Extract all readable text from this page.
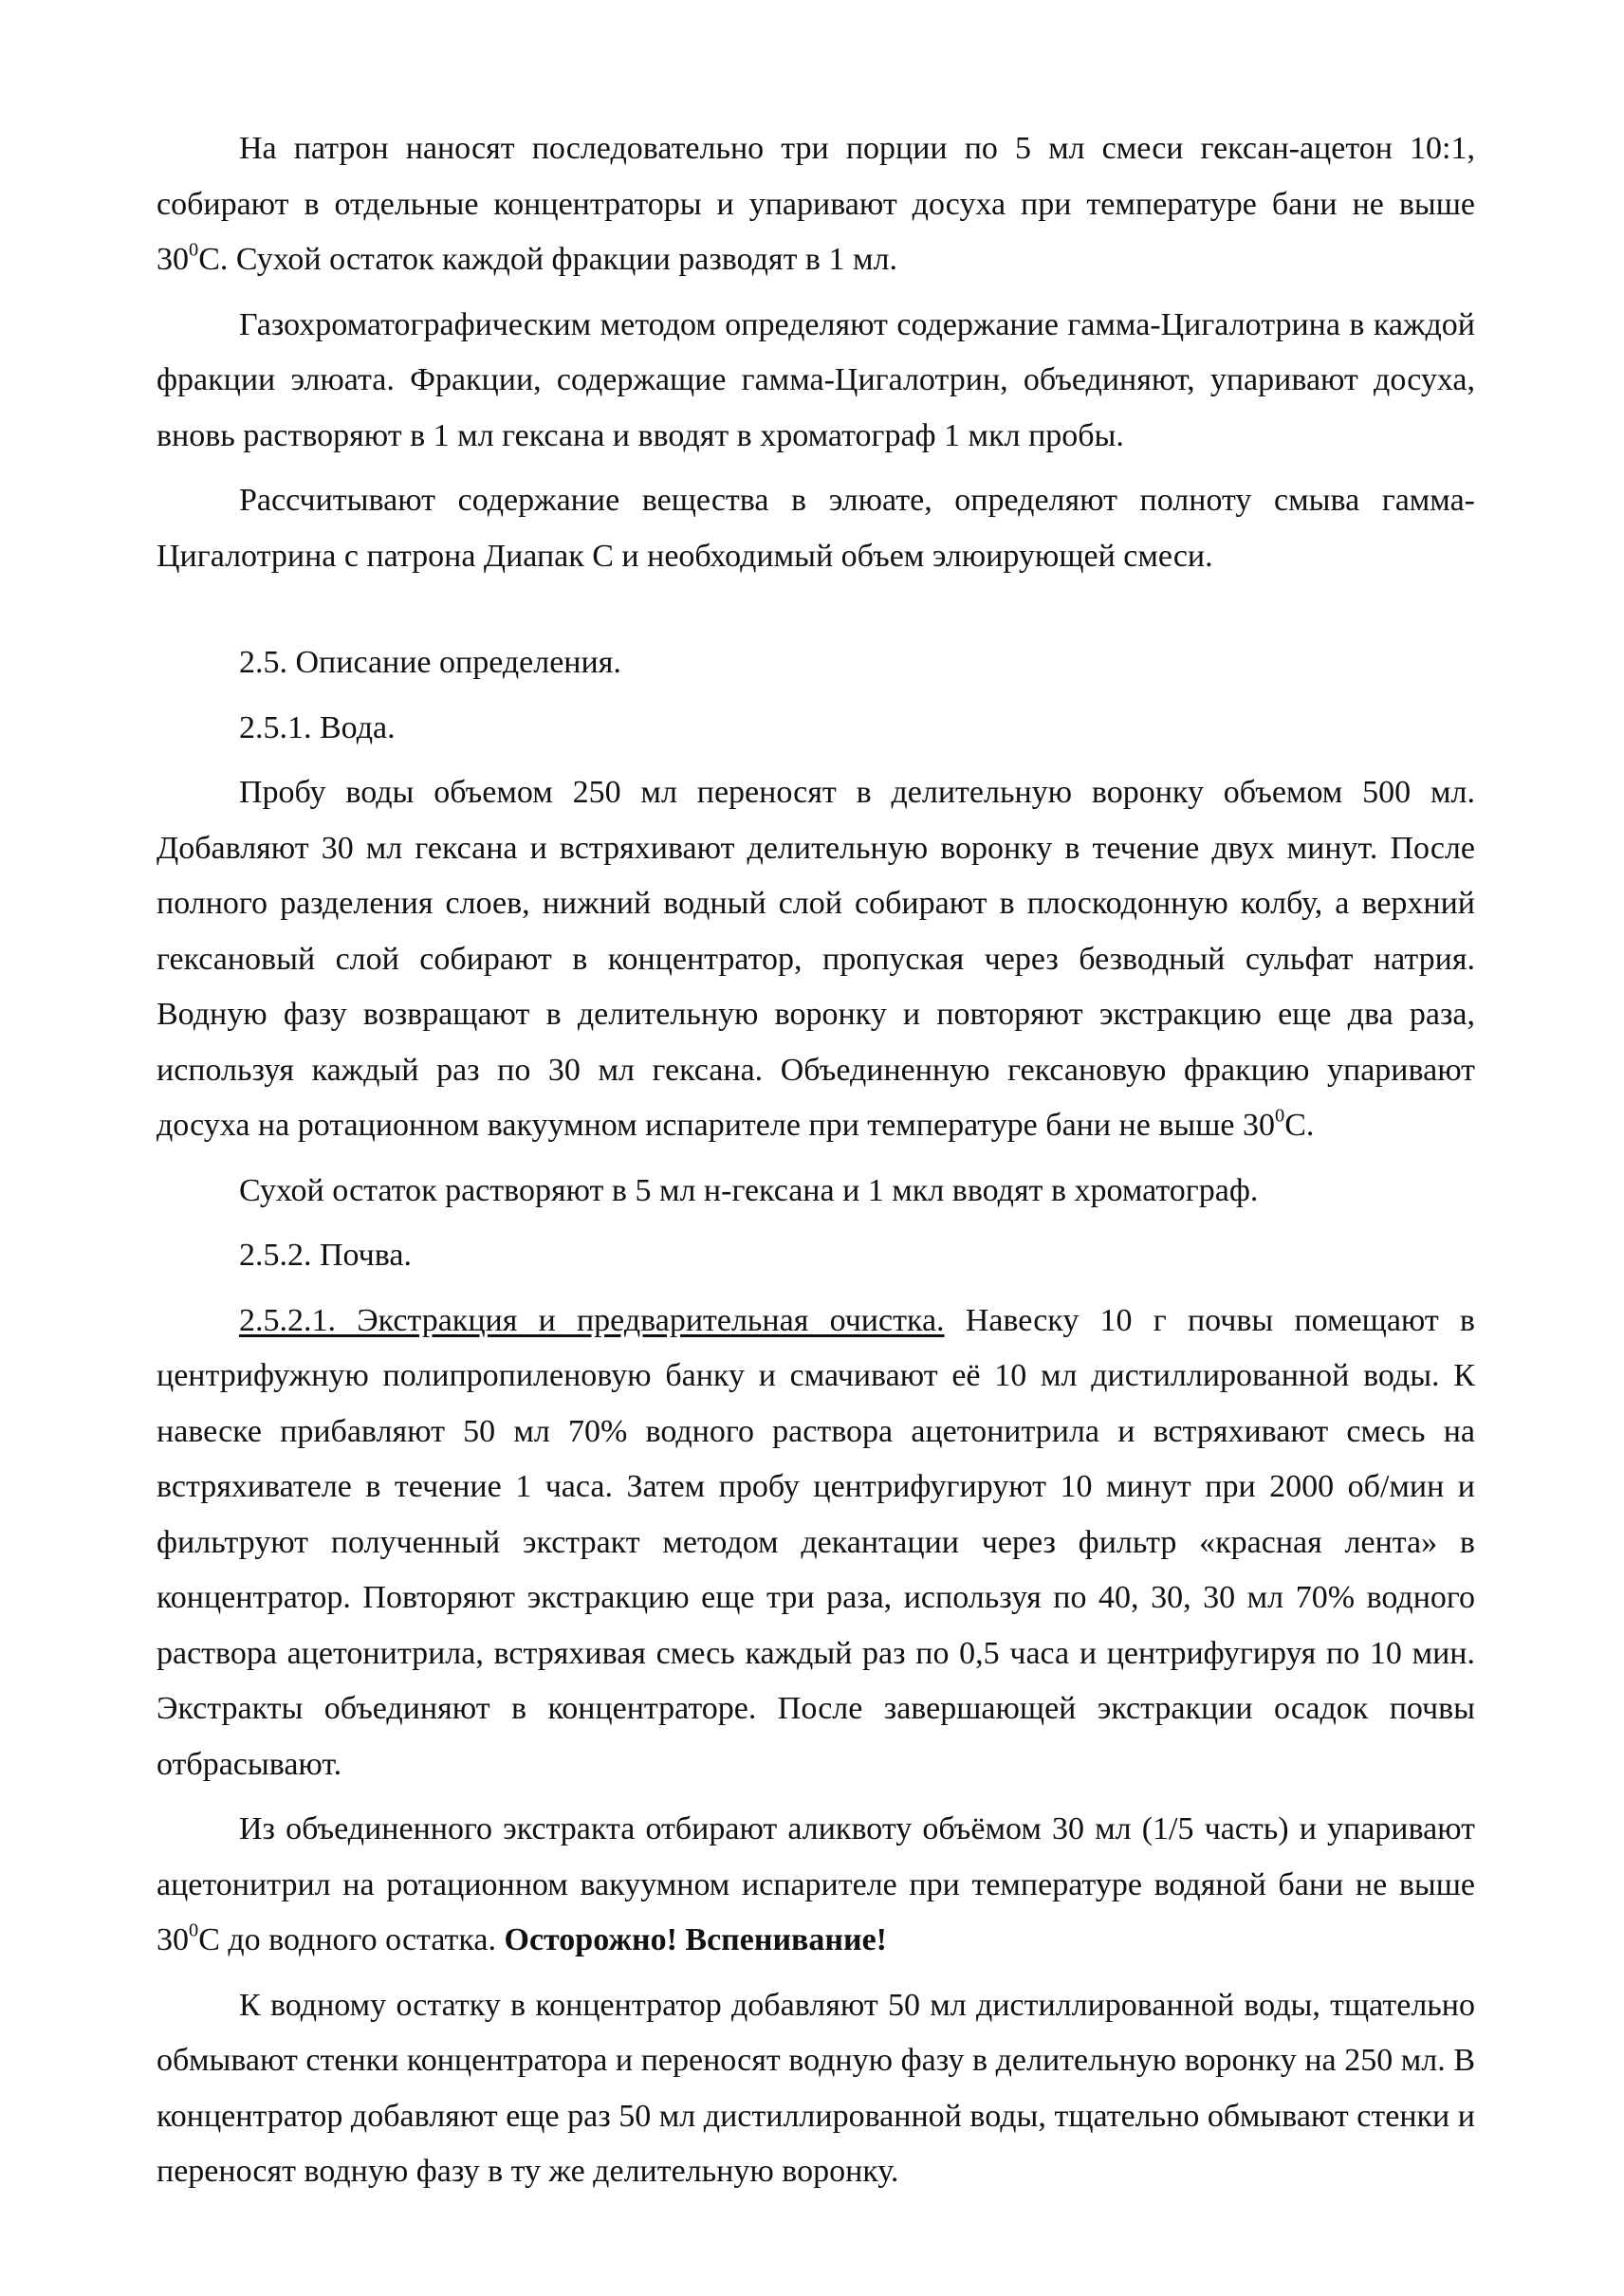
На патрон наносят последовательно три порции по 5 мл смеси гексан-ацетон 10:1, собирают в отдельные концентраторы и упаривают досуха при температуре бани не выше $30^0С$. Сухой остаток каждой фракции разводят в 1 мл.

Газохроматографическим методом определяют содержание гамма-Цигалотрина в каждой фракции элюата. Фракции, содержащие гамма-Цигалотрин, объединяют, упаривают досуха, вновь растворяют в 1 мл гексана и вводят в хроматограф 1 мкл пробы.

Рассчитывают содержание вещества в элюате, определяют полноту смыва гамма-Цигалотрина с патрона Диапак С и необходимый объем элюирующей смеси.

2.5. Описание определения.

2.5.1. Вода.

Пробу воды объемом 250 мл переносят в делительную воронку объемом 500 мл. Добавляют 30 мл гексана и встряхивают делительную воронку в течение двух минут. После полного разделения слоев, нижний водный слой собирают в плоскодонную колбу, а верхний гексановый слой собирают в концентратор, пропуская через безводный сульфат натрия. Водную фазу возвращают в делительную воронку и повторяют экстракцию еще два раза, используя каждый раз по 30 мл гексана. Объединенную гексановую фракцию упаривают досуха на ротационном вакуумном испарителе при температуре бани не выше $30^0С$.

Сухой остаток растворяют в 5 мл н-гексана и 1 мкл вводят в хроматограф.

2.5.2. Почва.

2.5.2.1. Экстракция и предварительная очистка. Навеску 10 г почвы помещают в центрифужную полипропиленовую банку и смачивают её 10 мл дистиллированной воды. К навеске прибавляют 50 мл 70% водного раствора ацетонитрила и встряхивают смесь на встряхивателе в течение 1 часа. Затем пробу центрифугируют 10 минут при 2000 об/мин и фильтруют полученный экстракт методом декантации через фильтр «красная лента» в концентратор. Повторяют экстракцию еще три раза, используя по 40, 30, 30 мл 70% водного раствора ацетонитрила, встряхивая смесь каждый раз по 0,5 часа и центрифугируя по 10 мин. Экстракты объединяют в концентраторе. После завершающей экстракции осадок почвы отбрасывают.

Из объединенного экстракта отбирают аликвоту объёмом 30 мл (1/5 часть) и упаривают ацетонитрил на ротационном вакуумном испарителе при температуре водяной бани не выше $30^0С$ до водного остатка. Осторожно! Вспенивание!

К водному остатку в концентратор добавляют 50 мл дистиллированной воды, тщательно обмывают стенки концентратора и переносят водную фазу в делительную воронку на 250 мл. В концентратор добавляют еще раз 50 мл дистиллированной воды, тщательно обмывают стенки и переносят водную фазу в ту же делительную воронку.
